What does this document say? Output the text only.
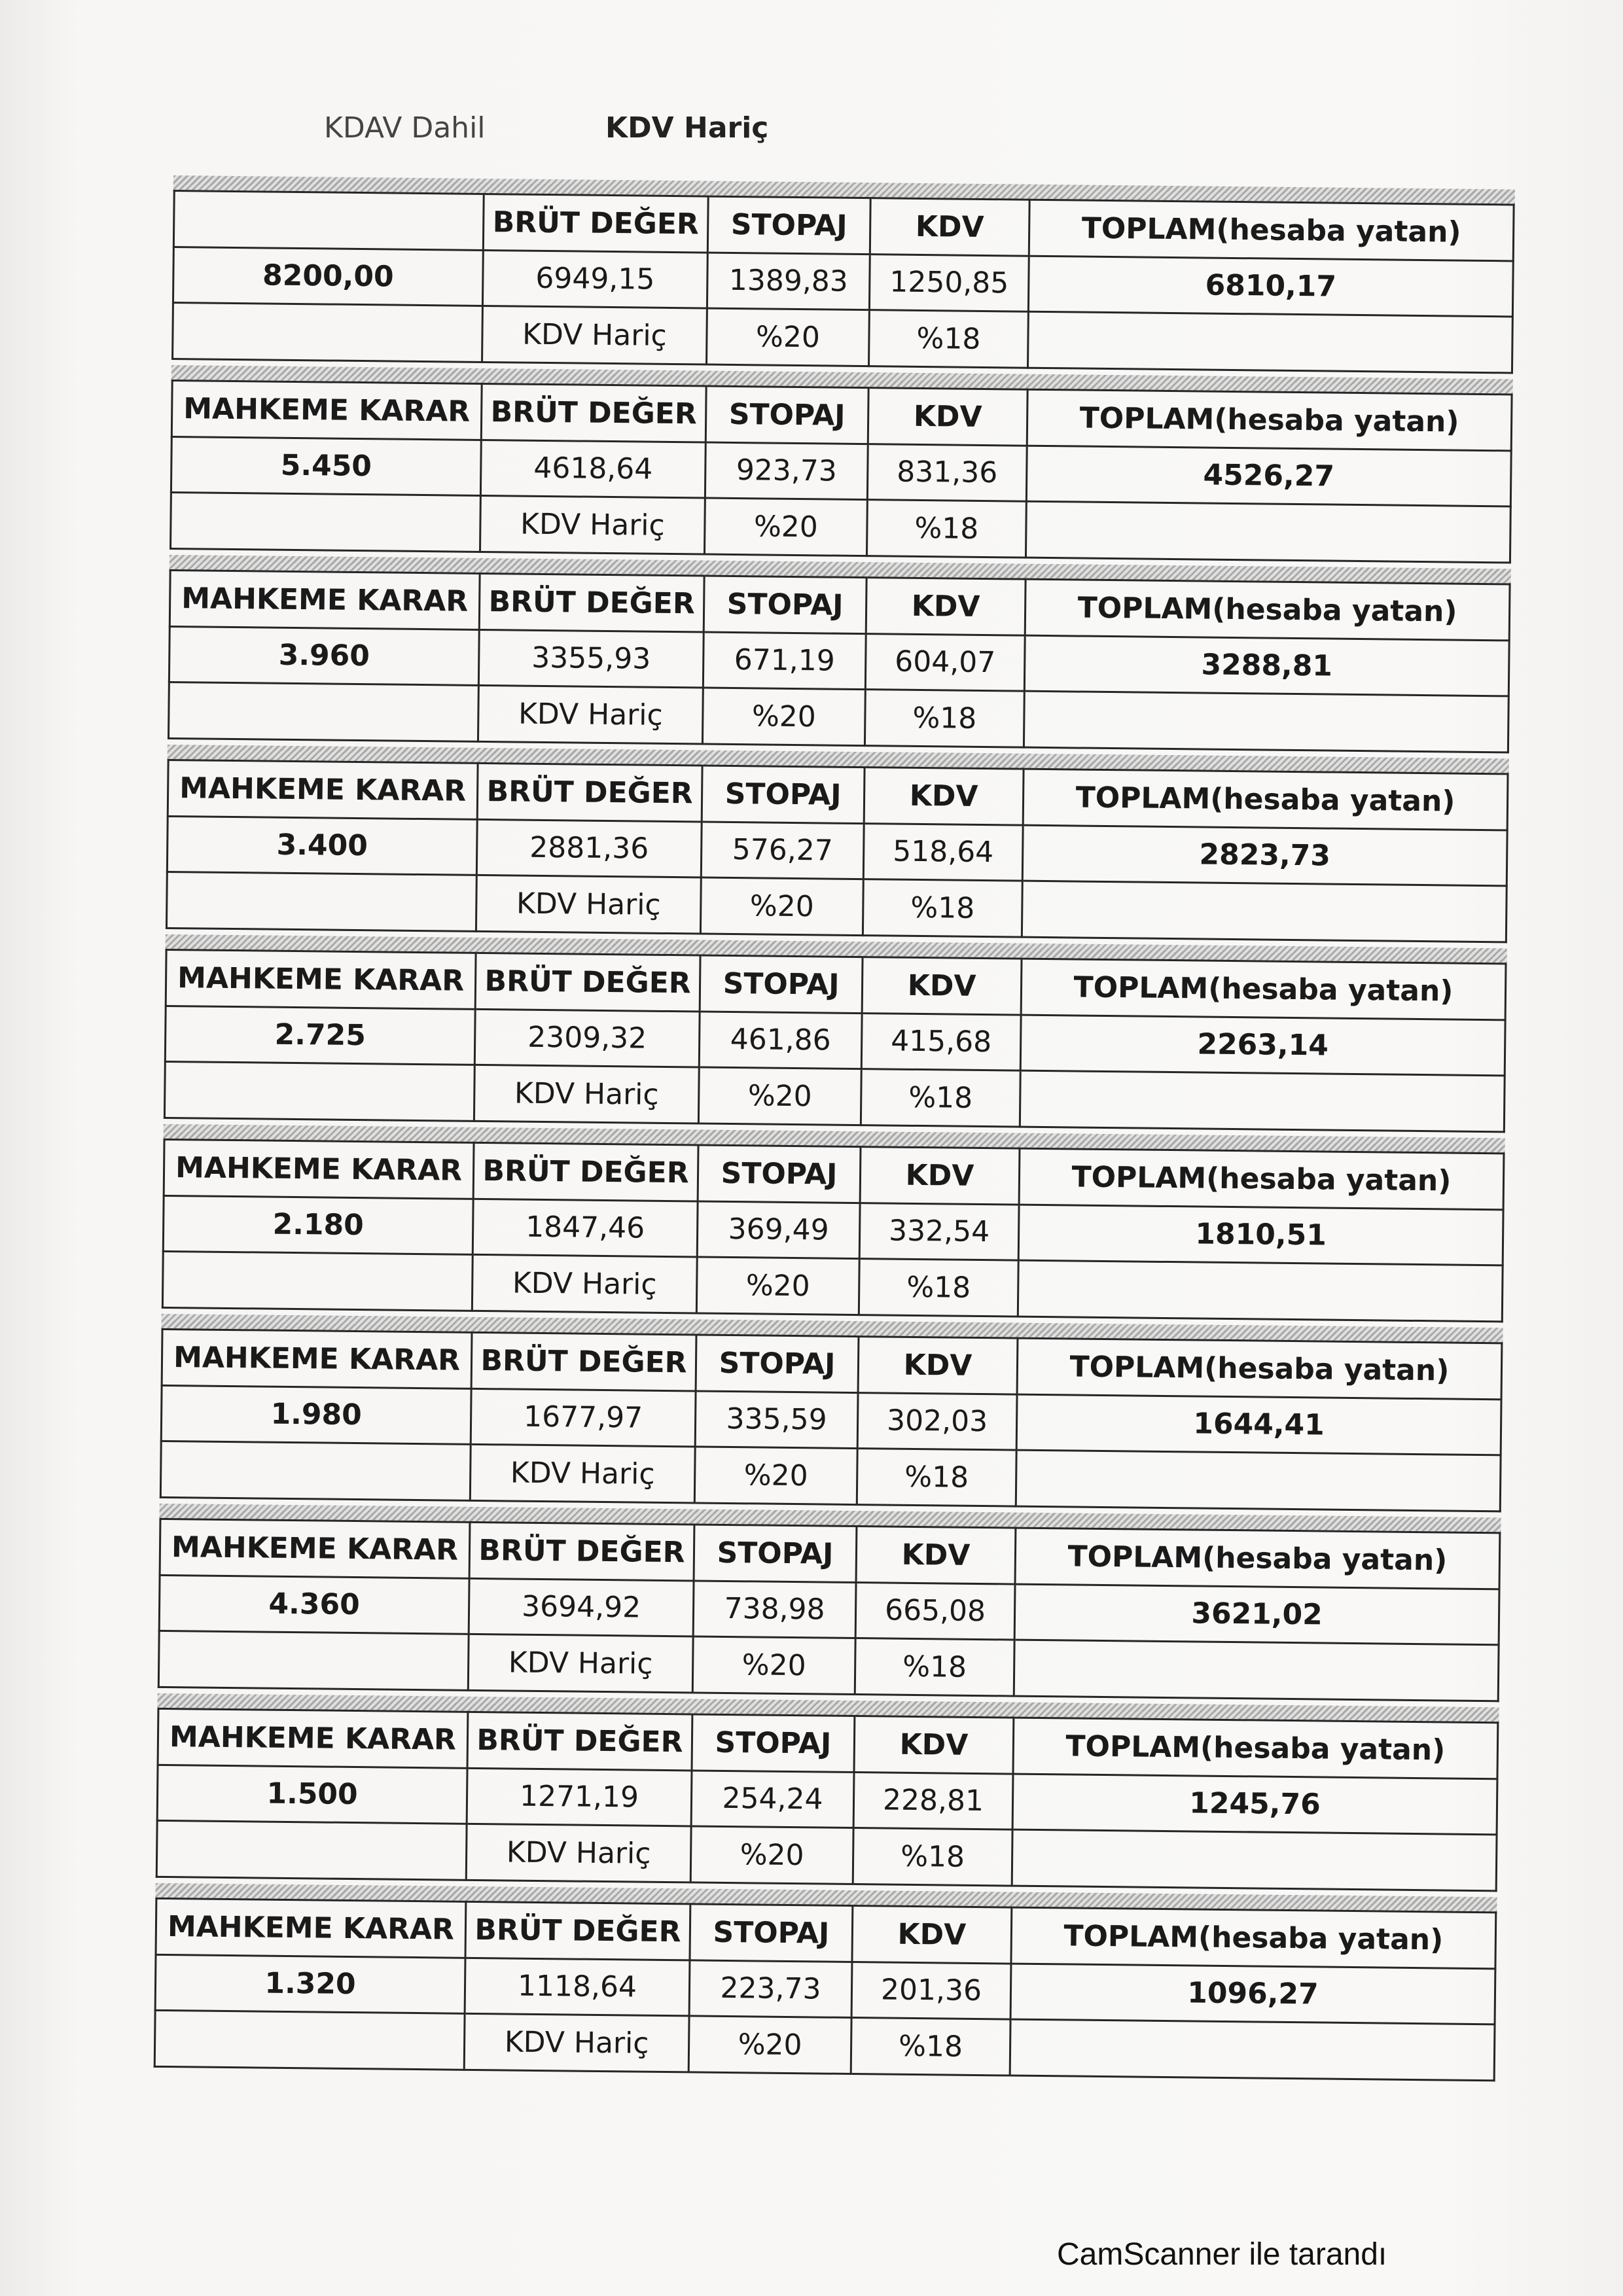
KDAV Dahil	KDV Hariç
	BRÜT DEĞER	STOPAJ	KDV	TOPLAM(hesaba yatan)
8200,00	6949,15	1389,83	1250,85	6810,17
	KDV Hariç	%20	%18	
MAHKEME KARAR	BRÜT DEĞER	STOPAJ	KDV	TOPLAM(hesaba yatan)
5.450	4618,64	923,73	831,36	4526,27
	KDV Hariç	%20	%18	
MAHKEME KARAR	BRÜT DEĞER	STOPAJ	KDV	TOPLAM(hesaba yatan)
3.960	3355,93	671,19	604,07	3288,81
	KDV Hariç	%20	%18	
MAHKEME KARAR	BRÜT DEĞER	STOPAJ	KDV	TOPLAM(hesaba yatan)
3.400	2881,36	576,27	518,64	2823,73
	KDV Hariç	%20	%18	
MAHKEME KARAR	BRÜT DEĞER	STOPAJ	KDV	TOPLAM(hesaba yatan)
2.725	2309,32	461,86	415,68	2263,14
	KDV Hariç	%20	%18	
MAHKEME KARAR	BRÜT DEĞER	STOPAJ	KDV	TOPLAM(hesaba yatan)
2.180	1847,46	369,49	332,54	1810,51
	KDV Hariç	%20	%18	
MAHKEME KARAR	BRÜT DEĞER	STOPAJ	KDV	TOPLAM(hesaba yatan)
1.980	1677,97	335,59	302,03	1644,41
	KDV Hariç	%20	%18	
MAHKEME KARAR	BRÜT DEĞER	STOPAJ	KDV	TOPLAM(hesaba yatan)
4.360	3694,92	738,98	665,08	3621,02
	KDV Hariç	%20	%18	
MAHKEME KARAR	BRÜT DEĞER	STOPAJ	KDV	TOPLAM(hesaba yatan)
1.500	1271,19	254,24	228,81	1245,76
	KDV Hariç	%20	%18	
MAHKEME KARAR	BRÜT DEĞER	STOPAJ	KDV	TOPLAM(hesaba yatan)
1.320	1118,64	223,73	201,36	1096,27
	KDV Hariç	%20	%18	
CamScanner ile tarandı
